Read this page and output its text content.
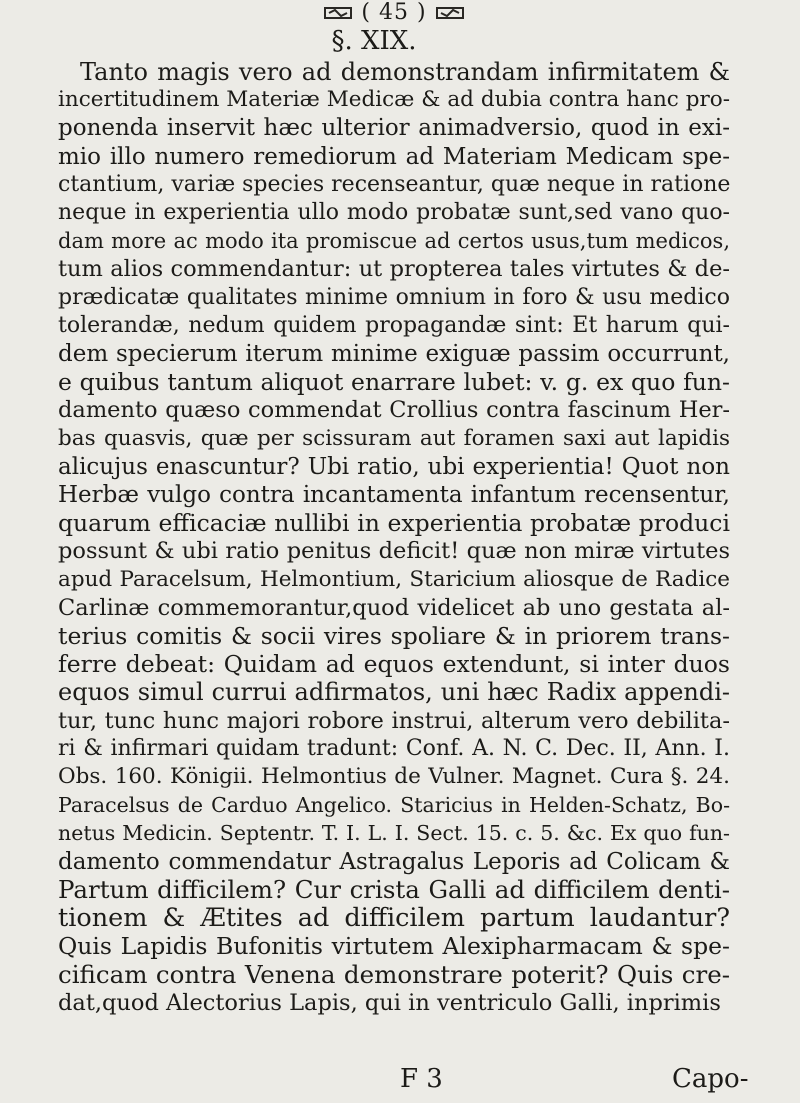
( 45 )
§. XIX.
Tanto magis vero ad demonstrandam infirmitatem &
incertitudinem Materiæ Medicæ & ad dubia contra hanc pro-
ponenda inservit hæc ulterior animadversio, quod in exi-
mio illo numero remediorum ad Materiam Medicam spe-
ctantium, variæ species recenseantur, quæ neque in ratione
neque in experientia ullo modo probatæ sunt,sed vano quo-
dam more ac modo ita promiscue ad certos usus,tum medicos,
tum alios commendantur: ut propterea tales virtutes & de-
prædicatæ qualitates minime omnium in foro & usu medico
tolerandæ, nedum quidem propagandæ sint: Et harum qui-
dem specierum iterum minime exiguæ passim occurrunt,
e quibus tantum aliquot enarrare lubet: v. g. ex quo fun-
damento quæso commendat Crollius contra fascinum Her-
bas quasvis, quæ per scissuram aut foramen saxi aut lapidis
alicujus enascuntur? Ubi ratio, ubi experientia! Quot non
Herbæ vulgo contra incantamenta infantum recensentur,
quarum efficaciæ nullibi in experientia probatæ produci
possunt & ubi ratio penitus deficit! quæ non miræ virtutes
apud Paracelsum, Helmontium, Staricium aliosque de Radice
Carlinæ commemorantur,quod videlicet ab uno gestata al-
terius comitis & socii vires spoliare & in priorem trans-
ferre debeat: Quidam ad equos extendunt, si inter duos
equos simul currui adfirmatos, uni hæc Radix appendi-
tur, tunc hunc majori robore instrui, alterum vero debilita-
ri & infirmari quidam tradunt: Conf. A. N. C. Dec. II, Ann. I.
Obs. 160. Königii. Helmontius de Vulner. Magnet. Cura §. 24.
Paracelsus de Carduo Angelico. Staricius in Helden-Schatz, Bo-
netus Medicin. Septentr. T. I. L. I. Sect. 15. c. 5. &c. Ex quo fun-
damento commendatur Astragalus Leporis ad Colicam &
Partum difficilem? Cur crista Galli ad difficilem denti-
tionem & Ætites ad difficilem partum laudantur?
Quis Lapidis Bufonitis virtutem Alexipharmacam & spe-
cificam contra Venena demonstrare poterit? Quis cre-
dat,quod Alectorius Lapis, qui in ventriculo Galli, inprimis
F 3	Capo-
